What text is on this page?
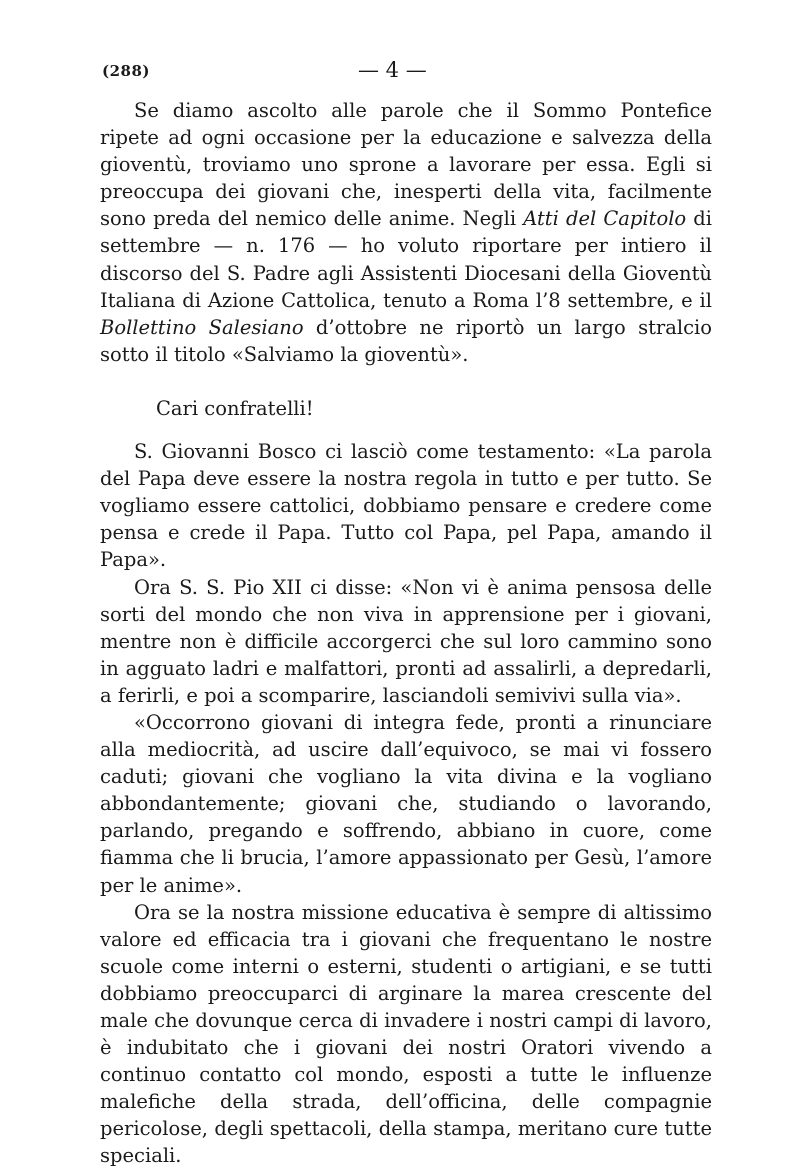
(288)	— 4 —

Se diamo ascolto alle parole che il Sommo Pontefice ripete ad ogni occasione per la educazione e salvezza della gioventù, troviamo uno sprone a lavorare per essa. Egli si preoccupa dei giovani che, inesperti della vita, facilmente sono preda del nemico delle anime. Negli Atti del Capitolo di settembre — n. 176 — ho voluto riportare per intiero il discorso del S. Padre agli Assistenti Diocesani della Gioventù Italiana di Azione Cattolica, tenuto a Roma l’8 settembre, e il Bollettino Salesiano d’ottobre ne riportò un largo stralcio sotto il titolo «Salviamo la gioventù».

Cari confratelli!

S. Giovanni Bosco ci lasciò come testamento: «La parola del Papa deve essere la nostra regola in tutto e per tutto. Se vogliamo essere cattolici, dobbiamo pensare e credere come pensa e crede il Papa. Tutto col Papa, pel Papa, amando il Papa».

Ora S. S. Pio XII ci disse: «Non vi è anima pensosa delle sorti del mondo che non viva in apprensione per i giovani, mentre non è difficile accorgerci che sul loro cammino sono in agguato ladri e malfattori, pronti ad assalirli, a depredarli, a ferirli, e poi a scomparire, lasciandoli semivivi sulla via».

«Occorrono giovani di integra fede, pronti a rinunciare alla mediocrità, ad uscire dall’equivoco, se mai vi fossero caduti; giovani che vogliano la vita divina e la vogliano abbondantemente; giovani che, studiando o lavorando, parlando, pregando e soffrendo, abbiano in cuore, come fiamma che li brucia, l’amore appassionato per Gesù, l’amore per le anime».

Ora se la nostra missione educativa è sempre di altissimo valore ed efficacia tra i giovani che frequentano le nostre scuole come interni o esterni, studenti o artigiani, e se tutti dobbiamo preoccuparci di arginare la marea crescente del male che dovunque cerca di invadere i nostri campi di lavoro, è indubitato che i giovani dei nostri Oratori vivendo a continuo contatto col mondo, esposti a tutte le influenze malefiche della strada, dell’officina, delle compagnie pericolose, degli spettacoli, della stampa, meritano cure tutte speciali.
